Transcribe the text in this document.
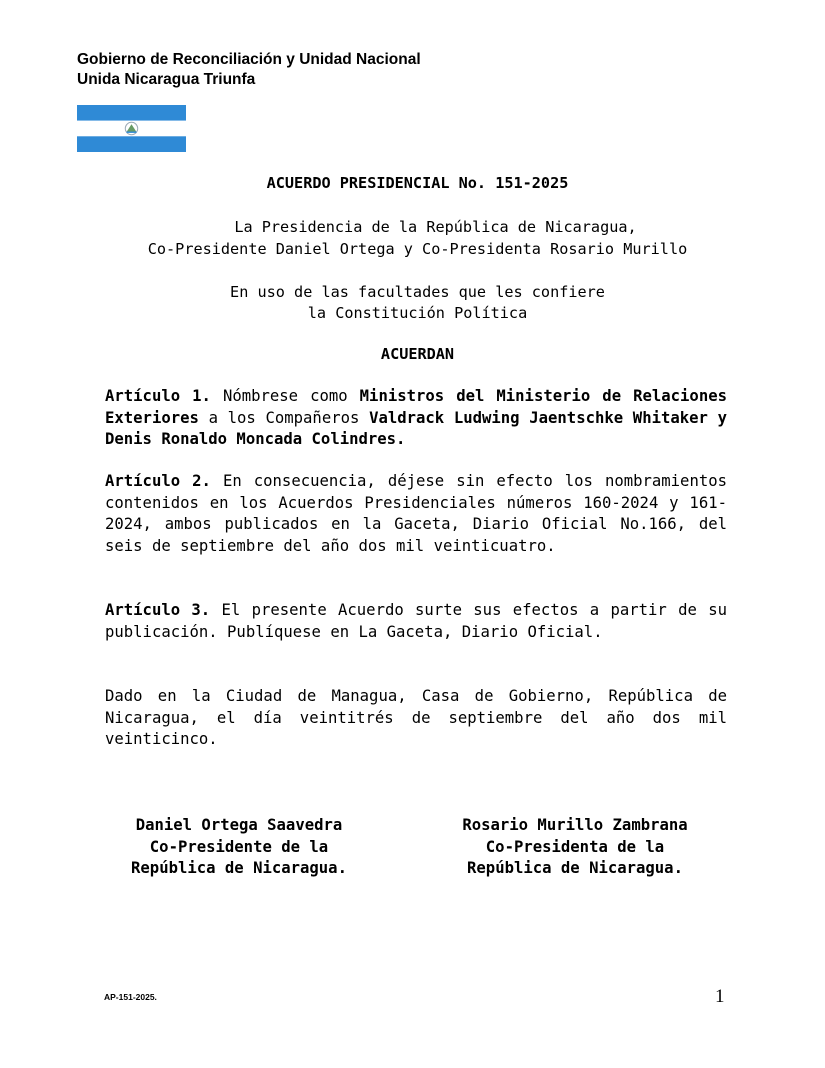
Gobierno de Reconciliación y Unidad Nacional
Unida Nicaragua Triunfa
ACUERDO PRESIDENCIAL No. 151-2025
La Presidencia de la República de Nicaragua,
Co-Presidente Daniel Ortega y Co-Presidenta Rosario Murillo
En uso de las facultades que les confiere
la Constitución Política
ACUERDAN
Artículo 1. Nómbrese como Ministros del Ministerio de Relaciones Exteriores a los Compañeros Valdrack Ludwing Jaentschke Whitaker y Denis Ronaldo Moncada Colindres.
Artículo 2. En consecuencia, déjese sin efecto los nombramientos contenidos en los Acuerdos Presidenciales números 160-2024 y 161-2024, ambos publicados en la Gaceta, Diario Oficial No.166, del seis de septiembre del año dos mil veinticuatro.
Artículo 3. El presente Acuerdo surte sus efectos a partir de su publicación. Publíquese en La Gaceta, Diario Oficial.
Dado en la Ciudad de Managua, Casa de Gobierno, República de Nicaragua, el día veintitrés de septiembre del año dos mil veinticinco.
Daniel Ortega Saavedra
Co-Presidente de la
República de Nicaragua.
Rosario Murillo Zambrana
Co-Presidenta de la
República de Nicaragua.
AP-151-2025.	1
